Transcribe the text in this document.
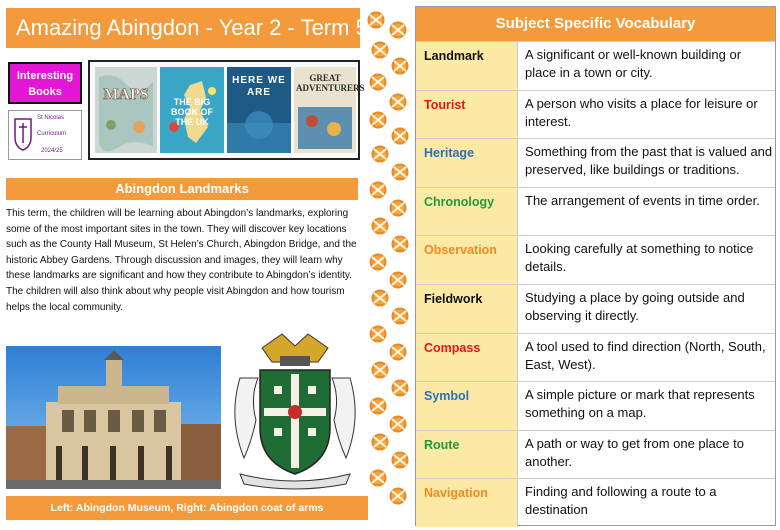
Amazing Abingdon - Year 2 - Term 5
Interesting Books
St Nicolas
Curriculum
2024/25
MAPS	THE BIG BOOK OF THE UK
HERE WE ARE
GREAT ADVENTURERS
Abingdon Landmarks
This term, the children will be learning about Abingdon’s landmarks, exploring some of the most important sites in the town. They will discover key locations such as the County Hall Museum, St Helen’s Church, Abingdon Bridge, and the historic Abbey Gardens. Through discussion and images, they will learn why these landmarks are significant and how they contribute to Abingdon’s identity. The children will also think about why people visit Abingdon and how tourism helps the local community.
Left: Abingdon Museum, Right: Abingdon coat of arms
Subject Specific Vocabulary
Landmark	A significant or well-known building or place in a town or city.
Tourist	A person who visits a place for leisure or interest.
Heritage	Something from the past that is valued and preserved, like buildings or traditions.
Chronology	The arrangement of events in time order.
Observation	Looking carefully at something to notice details.
Fieldwork	Studying a place by going outside and observing it directly.
Compass	A tool used to find direction (North, South, East, West).
Symbol	A simple picture or mark that represents something on a map.
Route	A path or way to get from one place to another.
Navigation	Finding and following a route to a destination
